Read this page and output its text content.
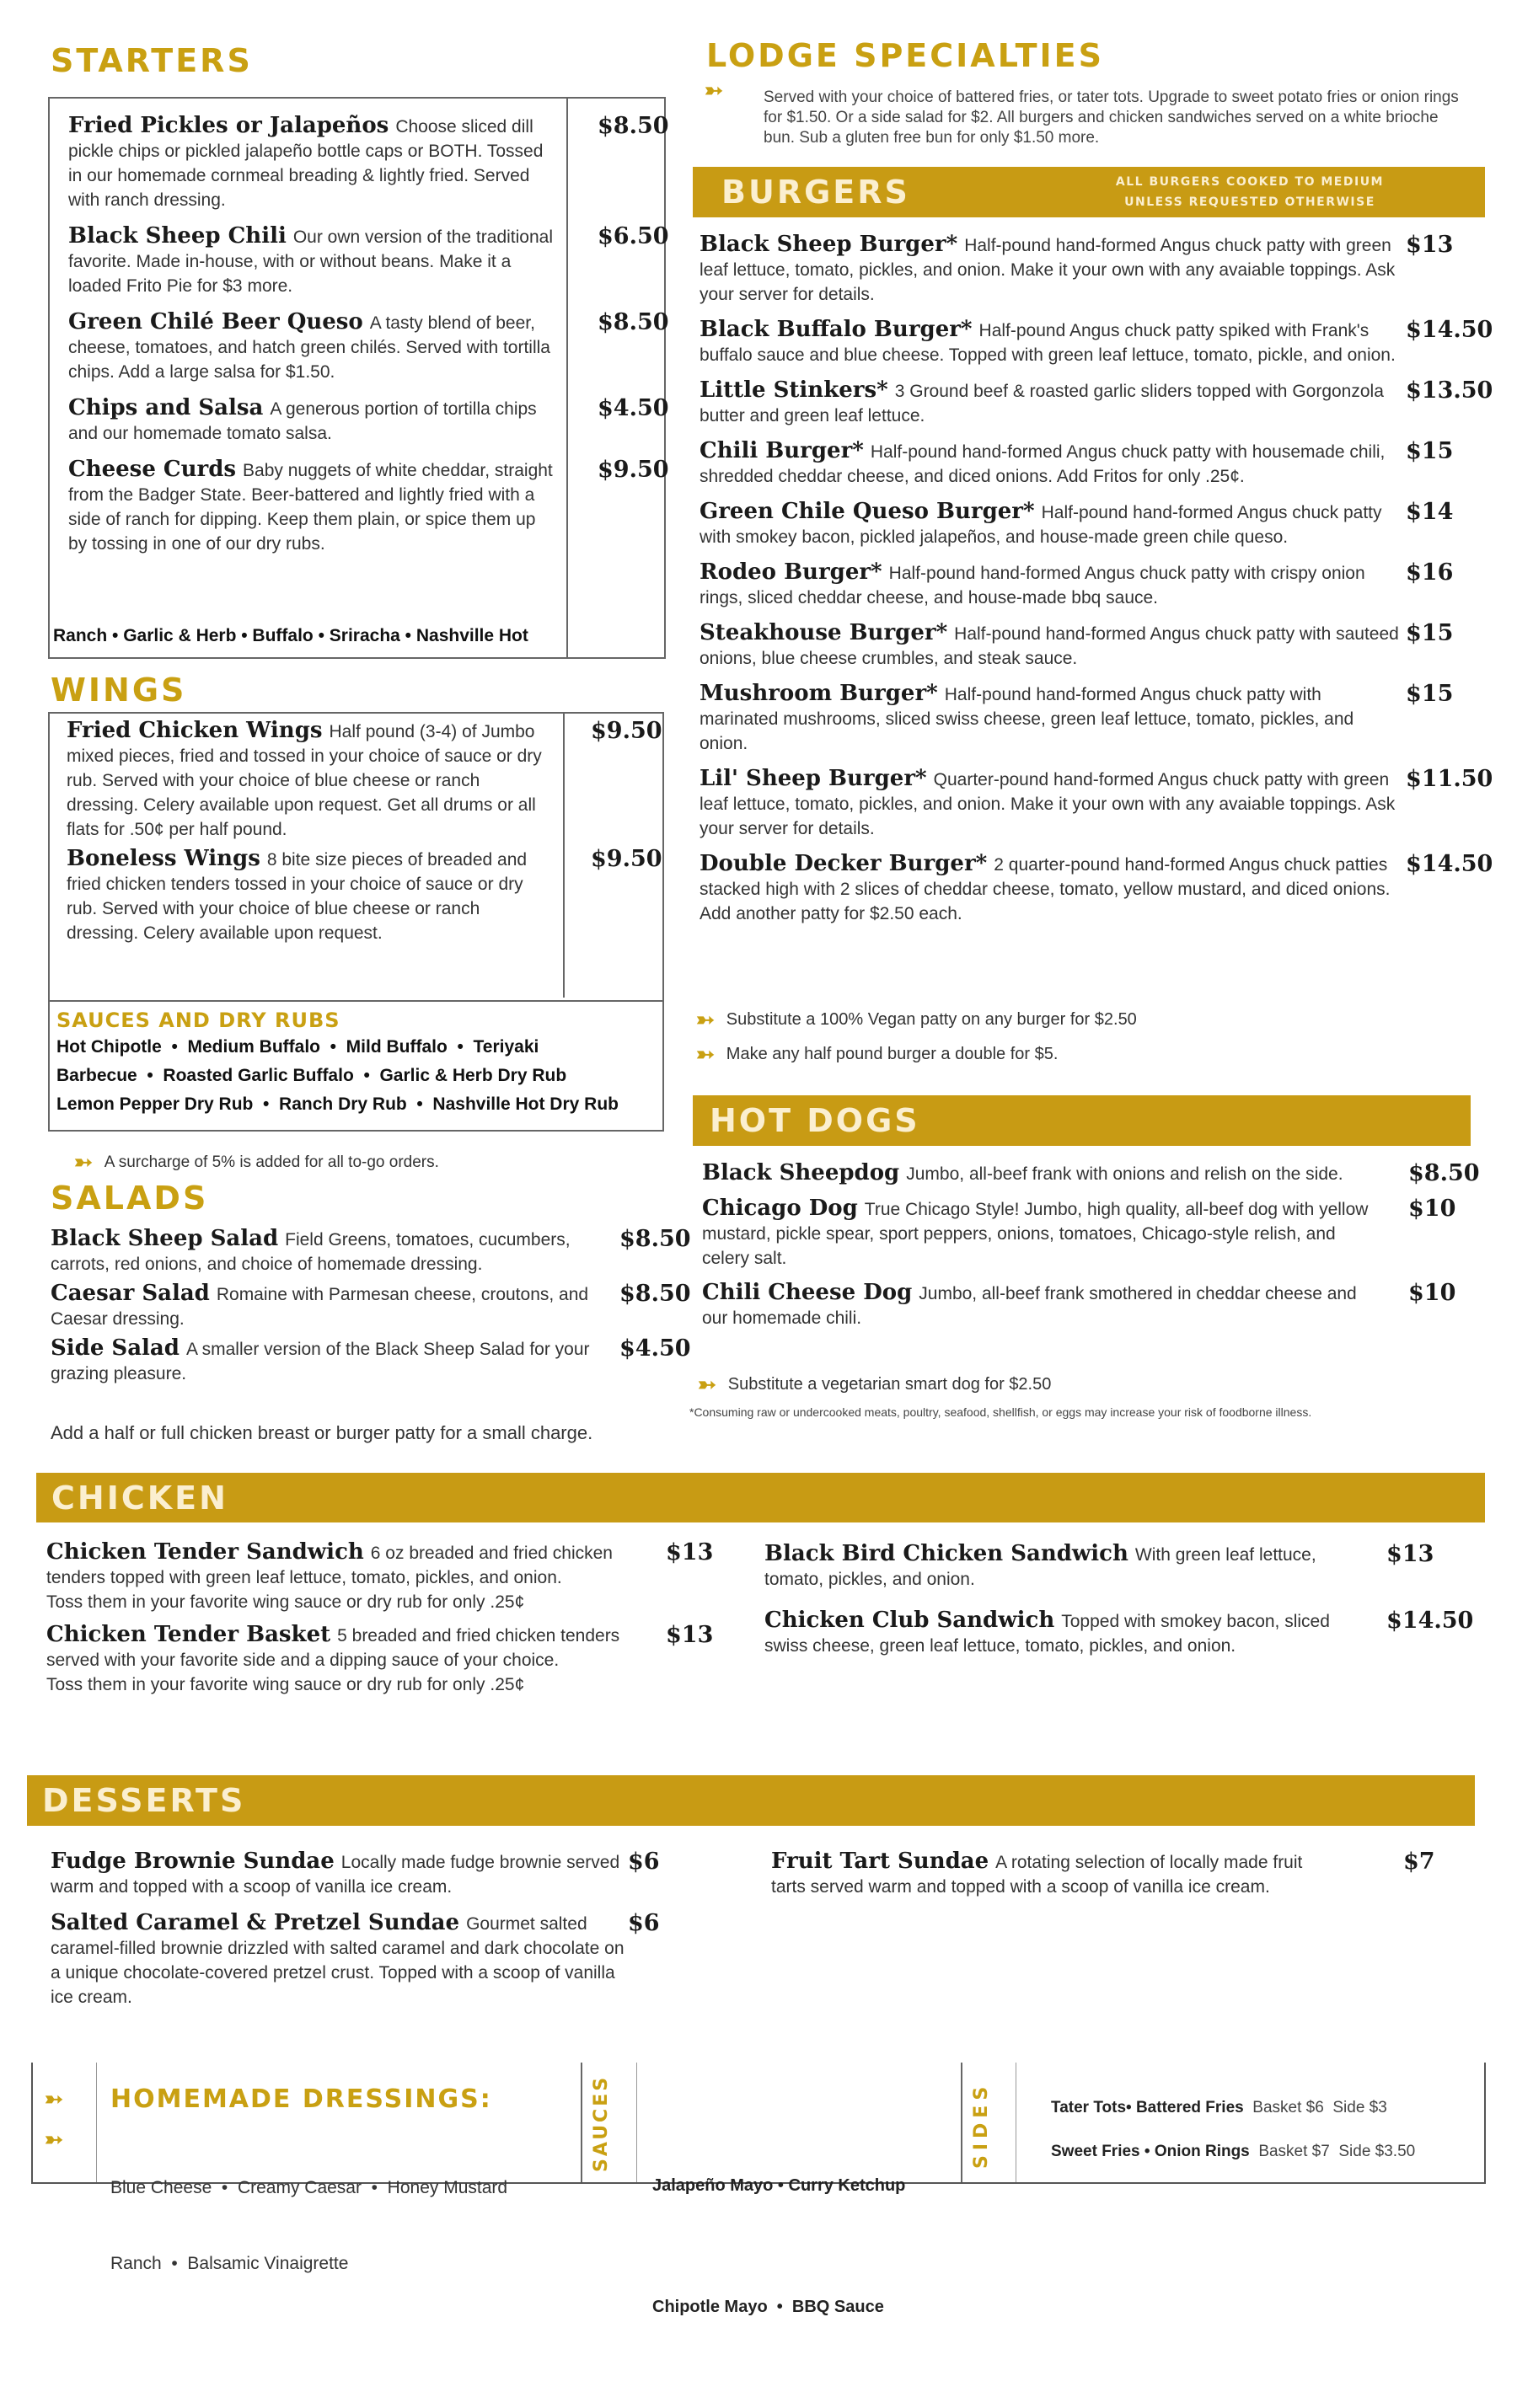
STARTERS
Fried Pickles or Jalapeños Choose sliced dill pickle chips or pickled jalapeño bottle caps or BOTH. Tossed in our homemade cornmeal breading & lightly fried. Served with ranch dressing.
$8.50
Black Sheep Chili Our own version of the traditional favorite. Made in-house, with or without beans. Make it a loaded Frito Pie for $3 more.
$6.50
Green Chilé Beer Queso A tasty blend of beer, cheese, tomatoes, and hatch green chilés. Served with tortilla chips. Add a large salsa for $1.50.
$8.50
Chips and Salsa A generous portion of tortilla chips and our homemade tomato salsa.
$4.50
Cheese Curds Baby nuggets of white cheddar, straight from the Badger State. Beer-battered and lightly fried with a side of ranch for dipping. Keep them plain, or spice them up by tossing in one of our dry rubs.
$9.50
Ranch • Garlic & Herb • Buffalo • Sriracha • Nashville Hot
WINGS
Fried Chicken Wings Half pound (3-4) of Jumbo mixed pieces, fried and tossed in your choice of sauce or dry rub. Served with your choice of blue cheese or ranch dressing. Celery available upon request. Get all drums or all flats for .50¢ per half pound.
$9.50
Boneless Wings 8 bite size pieces of breaded and fried chicken tenders tossed in your choice of sauce or dry rub. Served with your choice of blue cheese or ranch dressing. Celery available upon request.
$9.50
SAUCES AND DRY RUBS
Hot Chipotle  •  Medium Buffalo  •  Mild Buffalo  •  Teriyaki
Barbecue  •  Roasted Garlic Buffalo  •  Garlic & Herb Dry Rub
Lemon Pepper Dry Rub  •  Ranch Dry Rub  •  Nashville Hot Dry Rub
➳ A surcharge of 5% is added for all to-go orders.
SALADS
Black Sheep Salad Field Greens, tomatoes, cucumbers, carrots, red onions, and choice of homemade dressing.
$8.50
Caesar Salad Romaine with Parmesan cheese, croutons, and Caesar dressing.
$8.50
Side Salad A smaller version of the Black Sheep Salad for your grazing pleasure.
$4.50
Add a half or full chicken breast or burger patty for a small charge.
LODGE SPECIALTIES
➳	Served with your choice of battered fries, or tater tots. Upgrade to sweet potato fries or onion rings for $1.50. Or a side salad for $2. All burgers and chicken sandwiches served on a white brioche bun. Sub a gluten free bun for only $1.50 more.
BURGERS	ALL BURGERS COOKED TO MEDIUM
UNLESS REQUESTED OTHERWISE
Black Sheep Burger* Half-pound hand-formed Angus chuck patty with green leaf lettuce, tomato, pickles, and onion. Make it your own with any avaiable toppings. Ask your server for details.
$13
Black Buffalo Burger* Half-pound Angus chuck patty spiked with Frank's buffalo sauce and blue cheese. Topped with green leaf lettuce, tomato, pickle, and onion.
$14.50
Little Stinkers* 3 Ground beef & roasted garlic sliders topped with Gorgonzola butter and green leaf lettuce.
$13.50
Chili Burger* Half-pound hand-formed Angus chuck patty with housemade chili, shredded cheddar cheese, and diced onions. Add Fritos for only .25¢.
$15
Green Chile Queso Burger* Half-pound hand-formed Angus chuck patty with smokey bacon, pickled jalapeños, and house-made green chile queso.
$14
Rodeo Burger* Half-pound hand-formed Angus chuck patty with crispy onion rings, sliced cheddar cheese, and house-made bbq sauce.
$16
Steakhouse Burger* Half-pound hand-formed Angus chuck patty with sauteed onions, blue cheese crumbles, and steak sauce.
$15
Mushroom Burger* Half-pound hand-formed Angus chuck patty with marinated mushrooms, sliced swiss cheese, green leaf lettuce, tomato, pickles, and onion.
$15
Lil' Sheep Burger* Quarter-pound hand-formed Angus chuck patty with green leaf lettuce, tomato, pickles, and onion. Make it your own with any avaiable toppings. Ask your server for details.
$11.50
Double Decker Burger* 2 quarter-pound hand-formed Angus chuck patties stacked high with 2 slices of cheddar cheese, tomato, yellow mustard, and diced onions. Add another patty for $2.50 each.
$14.50
➳ Substitute a 100% Vegan patty on any burger for $2.50
➳ Make any half pound burger a double for $5.
HOT DOGS
Black Sheepdog Jumbo, all-beef frank with onions and relish on the side.	$8.50
Chicago Dog True Chicago Style! Jumbo, high quality, all-beef dog with yellow mustard, pickle spear, sport peppers, onions, tomatoes, Chicago-style relish, and celery salt.
$10
Chili Cheese Dog Jumbo, all-beef frank smothered in cheddar cheese and our homemade chili.
$10
➳ Substitute a vegetarian smart dog for $2.50
*Consuming raw or undercooked meats, poultry, seafood, shellfish, or eggs may increase your risk of foodborne illness.
CHICKEN
Chicken Tender Sandwich 6 oz breaded and fried chicken tenders topped with green leaf lettuce, tomato, pickles, and onion.
Toss them in your favorite wing sauce or dry rub for only .25¢
$13
Chicken Tender Basket 5 breaded and fried chicken tenders served with your favorite side and a dipping sauce of your choice.
Toss them in your favorite wing sauce or dry rub for only .25¢
$13
Black Bird Chicken Sandwich With green leaf lettuce, tomato, pickles, and onion.
$13
Chicken Club Sandwich Topped with smokey bacon, sliced swiss cheese, green leaf lettuce, tomato, pickles, and onion.
$14.50
DESSERTS
Fudge Brownie Sundae Locally made fudge brownie served warm and topped with a scoop of vanilla ice cream.
$6
Salted Caramel & Pretzel Sundae Gourmet salted caramel-filled brownie drizzled with salted caramel and dark chocolate on a unique chocolate-covered pretzel crust. Topped with a scoop of vanilla ice cream.
$6
Fruit Tart Sundae A rotating selection of locally made fruit tarts served warm and topped with a scoop of vanilla ice cream.
$7
➳
➳
HOMEMADE DRESSINGS:

Blue Cheese  •  Creamy Caesar  •  Honey Mustard

Ranch  •  Balsamic Vinaigrette

SAUCES

Jalapeño Mayo • Curry Ketchup

Chipotle Mayo  •  BBQ Sauce

SIDES	Tater Tots• Battered Fries Basket $6  Side $3
Sweet Fries • Onion Rings Basket $7  Side $3.50
